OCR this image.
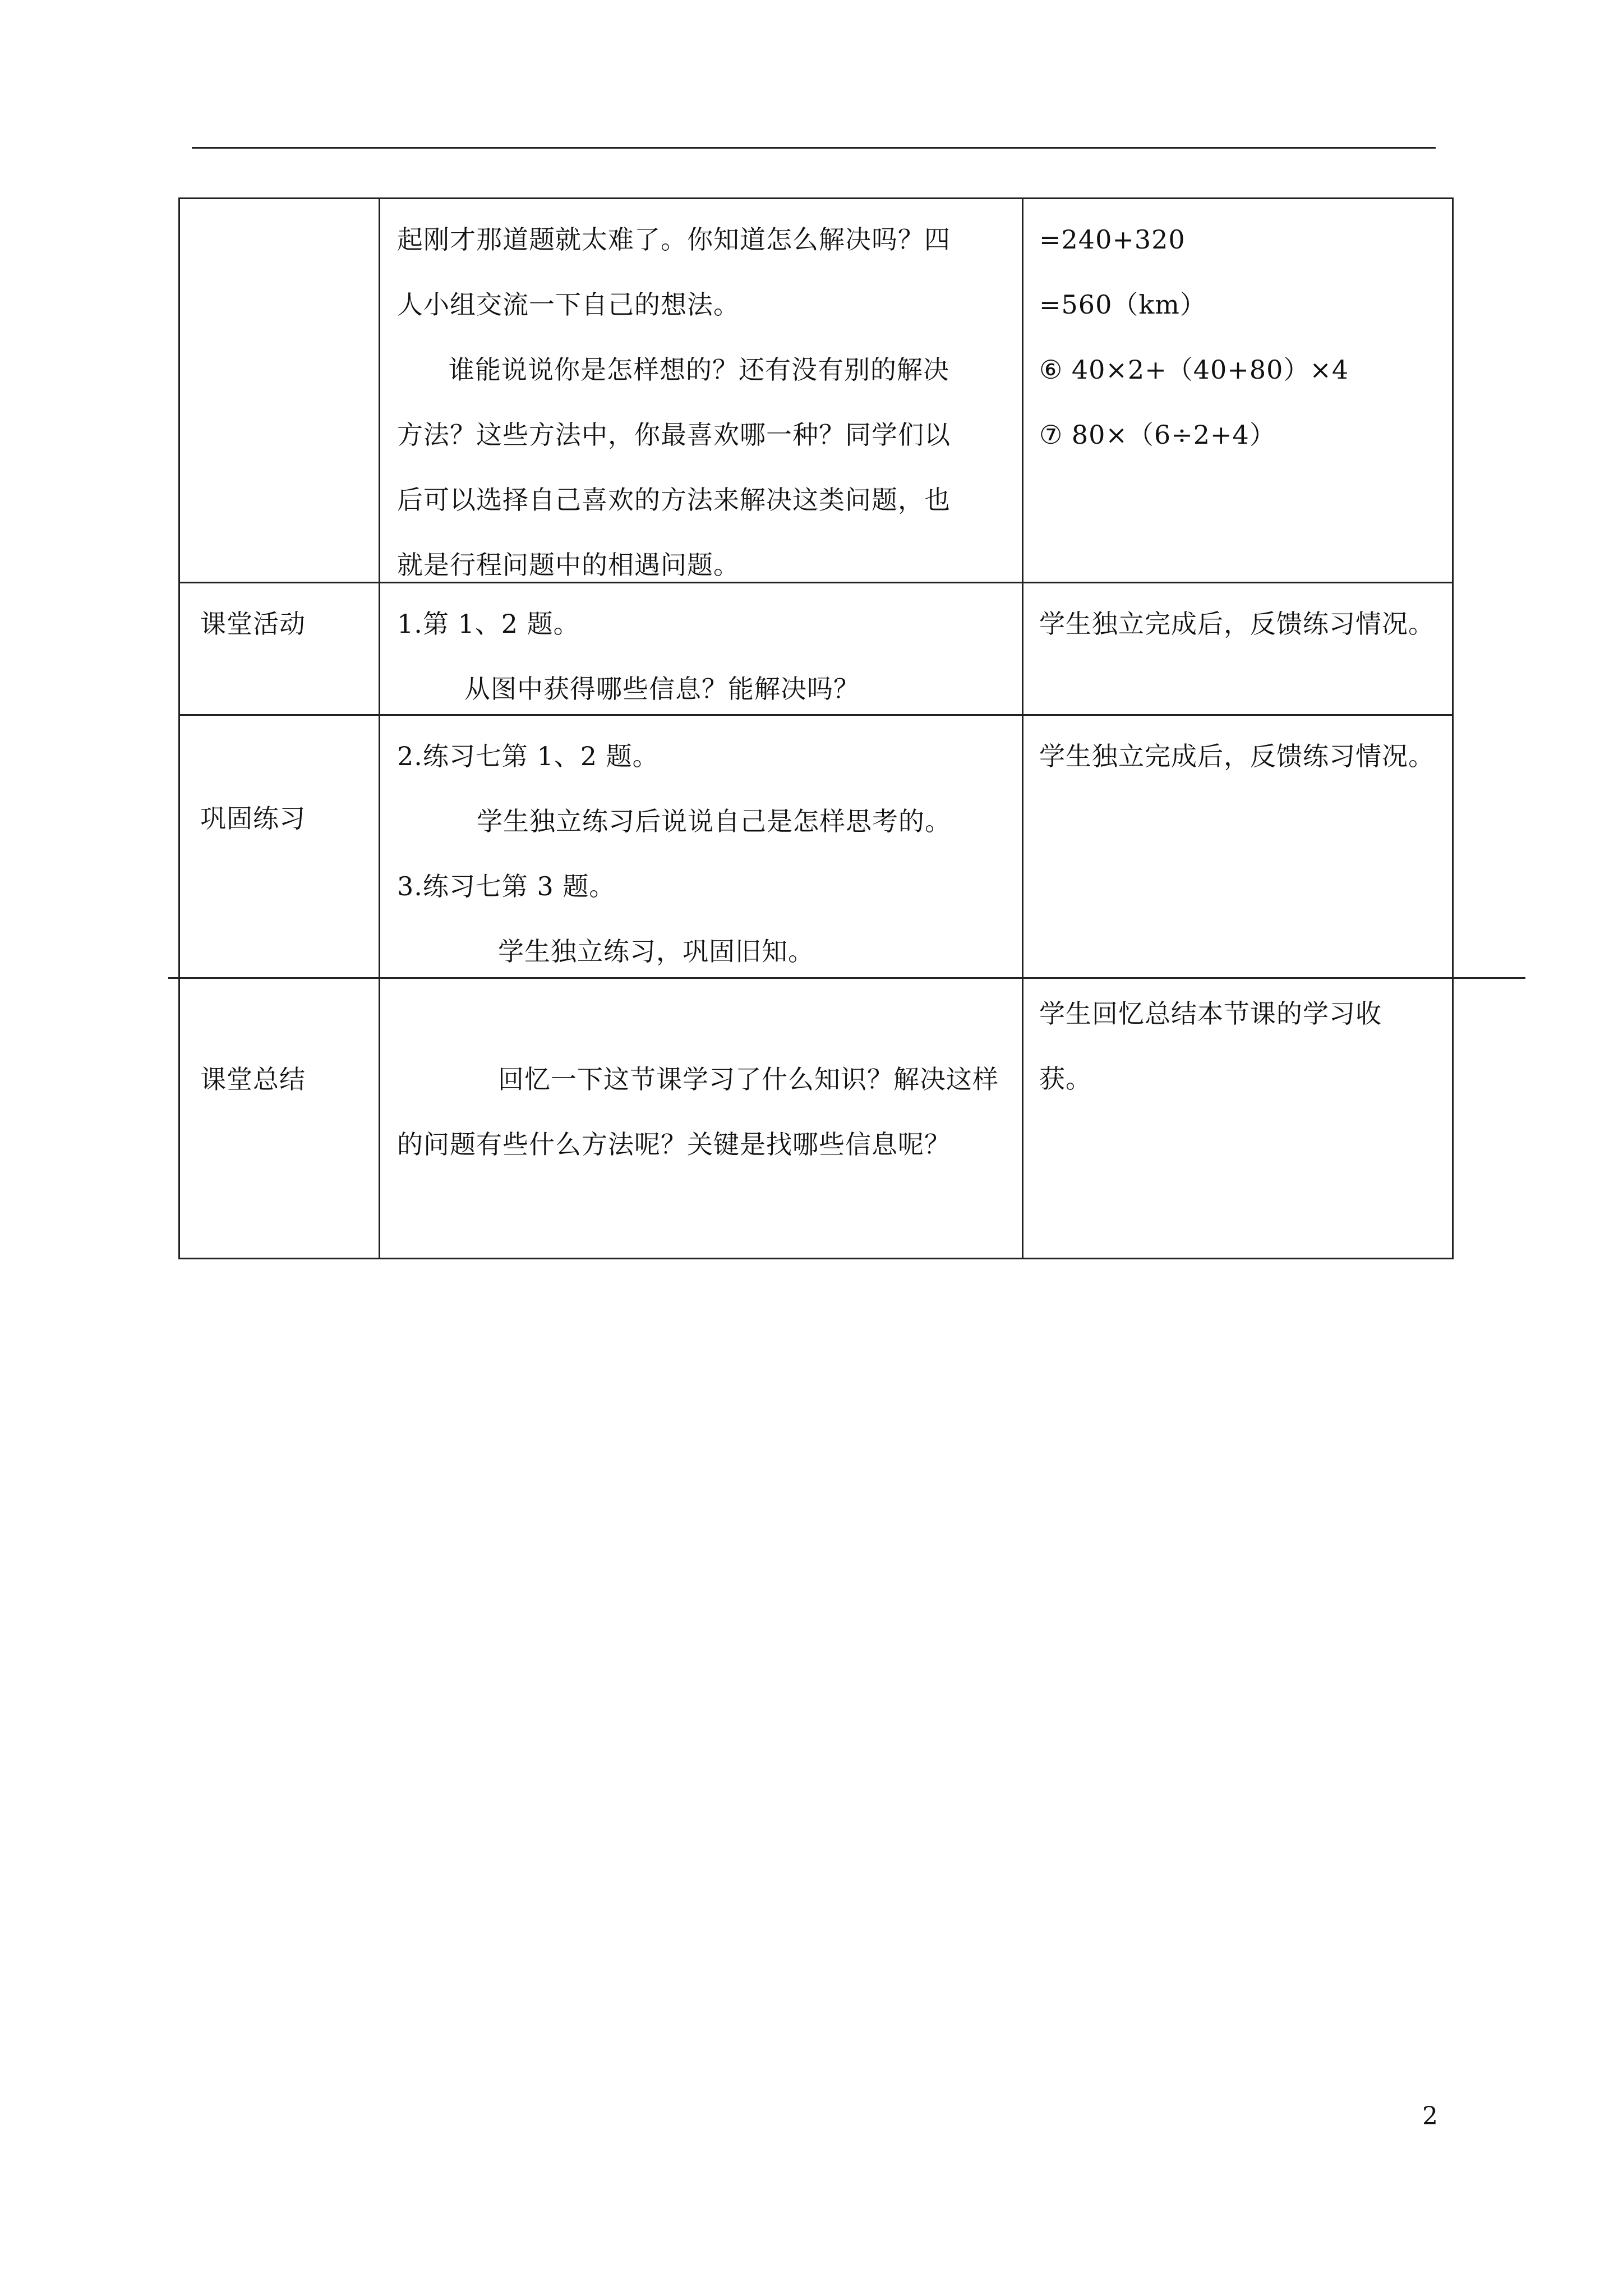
起刚才那道题就太难了。你知道怎么解决吗？四

人小组交流一下自己的想法。

谁能说说你是怎样想的？还有没有别的解决

方法？这些方法中，你最喜欢哪一种？同学们以

后可以选择自己喜欢的方法来解决这类问题，也

就是行程问题中的相遇问题。

=240+320

=560（km）

⑥ 40×2+（40+80）×4

⑦ 80×（6÷2+4）

课堂活动	1.第 1、2 题。

从图中获得哪些信息？能解决吗？

学生独立完成后，反馈练习情况。

巩固练习

2.练习七第 1、2 题。

学生独立练习后说说自己是怎样思考的。

3.练习七第 3 题。

学生独立练习，巩固旧知。

学生独立完成后，反馈练习情况。

课堂总结	回忆一下这节课学习了什么知识？解决这样

的问题有些什么方法呢？关键是找哪些信息呢？

学生回忆总结本节课的学习收

获。

2
